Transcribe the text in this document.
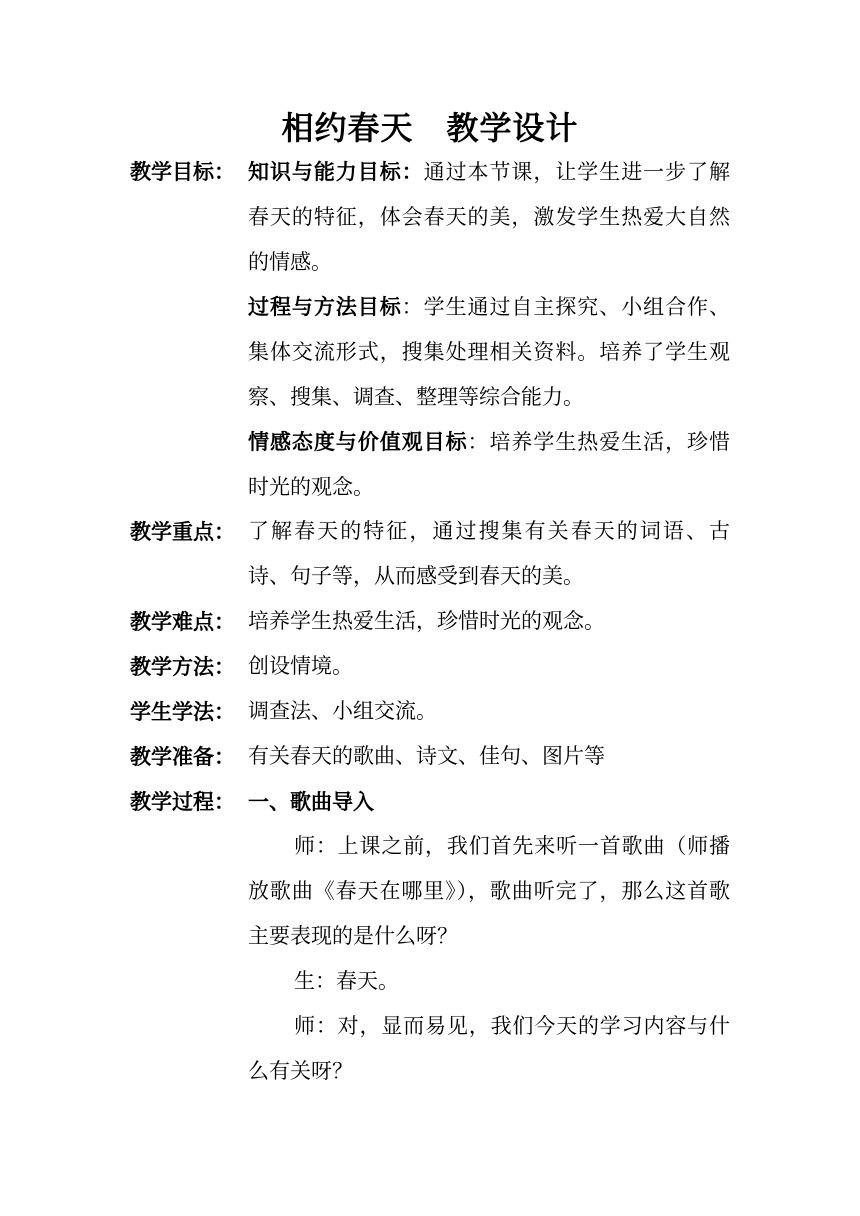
相约春天　教学设计
教学目标： 知识与能力目标：通过本节课，让学生进一步了解春天的特征，体会春天的美，激发学生热爱大自然的情感。
过程与方法目标：学生通过自主探究、小组合作、集体交流形式，搜集处理相关资料。培养了学生观察、搜集、调查、整理等综合能力。
情感态度与价值观目标：培养学生热爱生活，珍惜时光的观念。
教学重点： 了解春天的特征，通过搜集有关春天的词语、古诗、句子等，从而感受到春天的美。
教学难点： 培养学生热爱生活，珍惜时光的观念。
教学方法： 创设情境。
学生学法： 调查法、小组交流。
教学准备： 有关春天的歌曲、诗文、佳句、图片等
教学过程： 一、歌曲导入

师：上课之前，我们首先来听一首歌曲（师播放歌曲《春天在哪里》），歌曲听完了，那么这首歌主要表现的是什么呀？

生：春天。

师：对，显而易见，我们今天的学习内容与什么有关呀？
